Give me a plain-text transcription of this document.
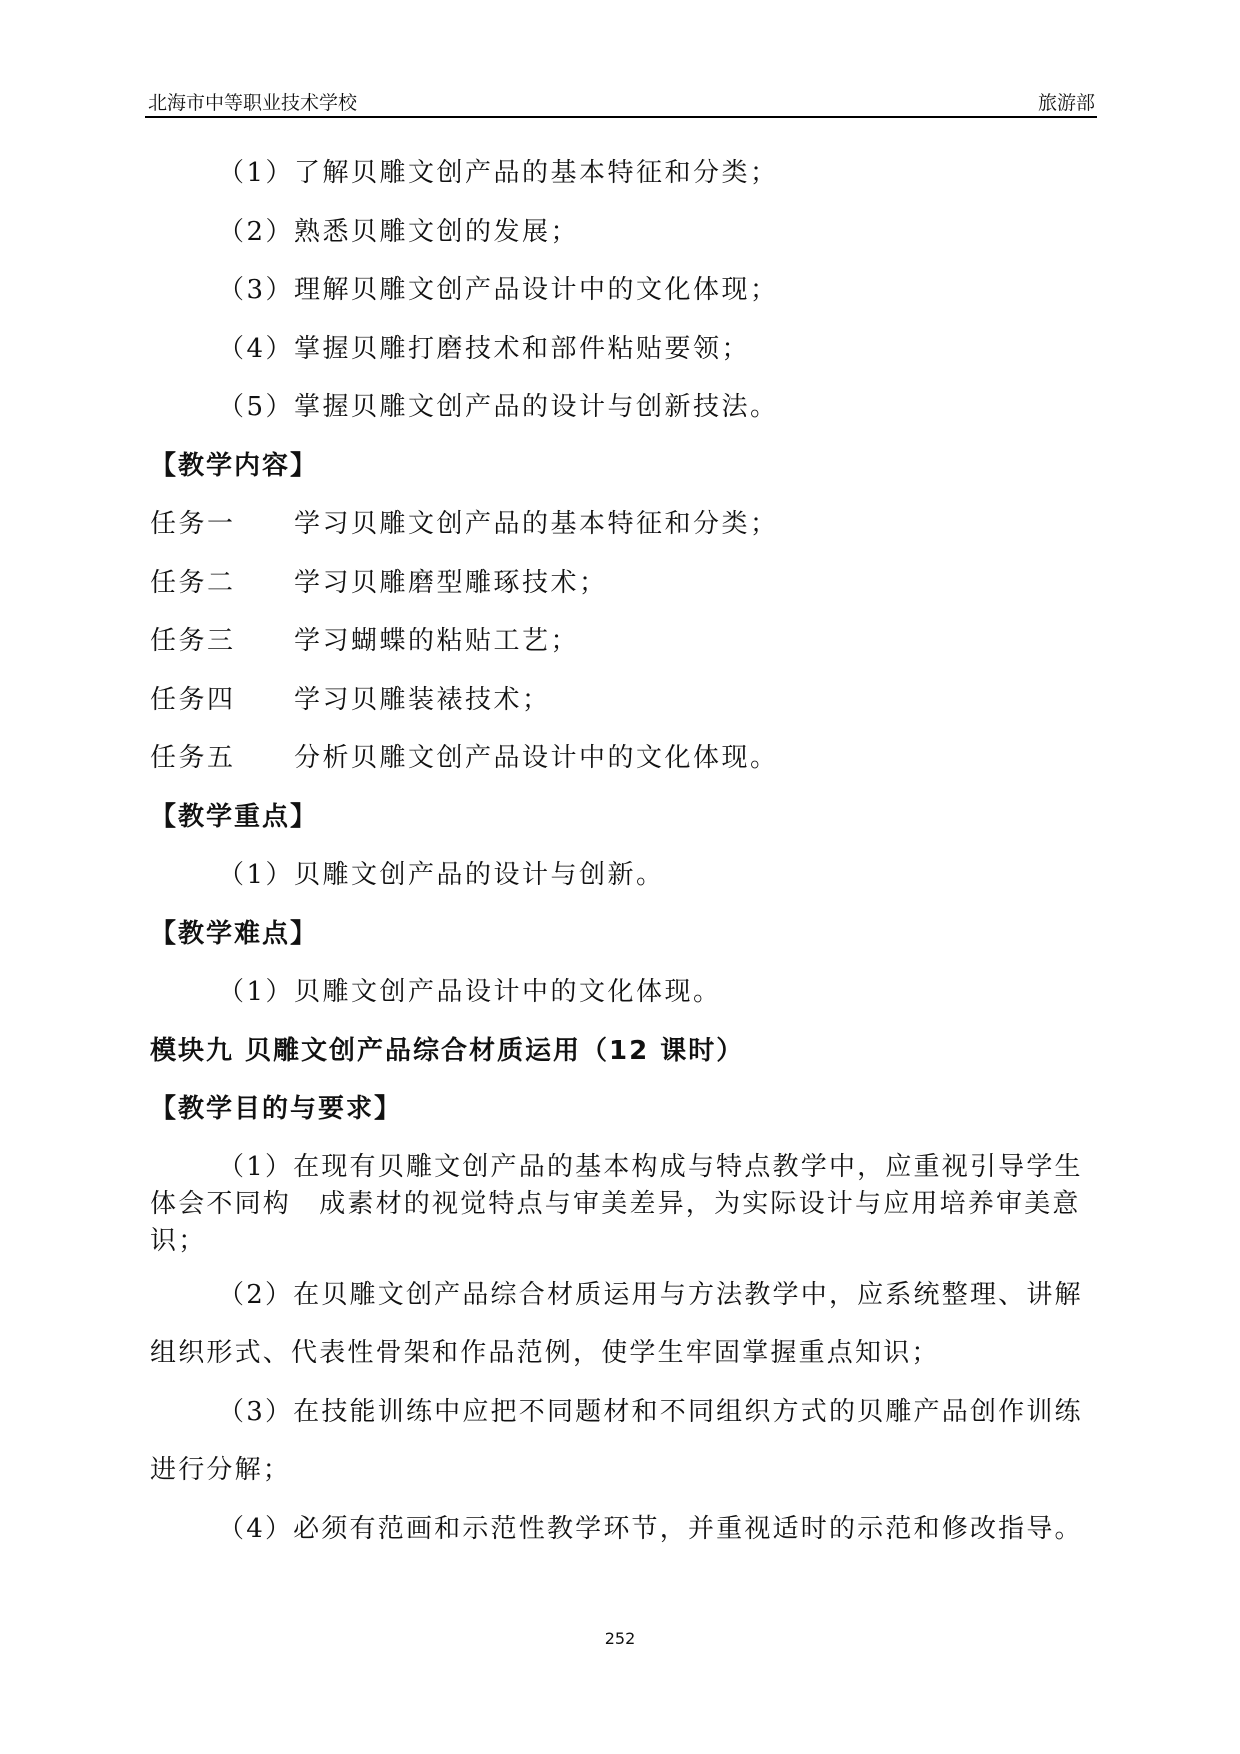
北海市中等职业技术学校	旅游部

（1）了解贝雕文创产品的基本特征和分类；

（2）熟悉贝雕文创的发展；

（3）理解贝雕文创产品设计中的文化体现；

（4）掌握贝雕打磨技术和部件粘贴要领；

（5）掌握贝雕文创产品的设计与创新技法。

【教学内容】
任务一	学习贝雕文创产品的基本特征和分类；
任务二	学习贝雕磨型雕琢技术；
任务三	学习蝴蝶的粘贴工艺；
任务四	学习贝雕装裱技术；
任务五	分析贝雕文创产品设计中的文化体现。
【教学重点】

（1）贝雕文创产品的设计与创新。

【教学难点】

（1）贝雕文创产品设计中的文化体现。

模块九 贝雕文创产品综合材质运用（12 课时）
【教学目的与要求】

（1）在现有贝雕文创产品的基本构成与特点教学中，应重视引导学生体会不同构　成素材的视觉特点与审美差异，为实际设计与应用培养审美意识；

（2）在贝雕文创产品综合材质运用与方法教学中，应系统整理、讲解组织形式、代表性骨架和作品范例，使学生牢固掌握重点知识；

（3）在技能训练中应把不同题材和不同组织方式的贝雕产品创作训练进行分解；

（4）必须有范画和示范性教学环节，并重视适时的示范和修改指导。

252
